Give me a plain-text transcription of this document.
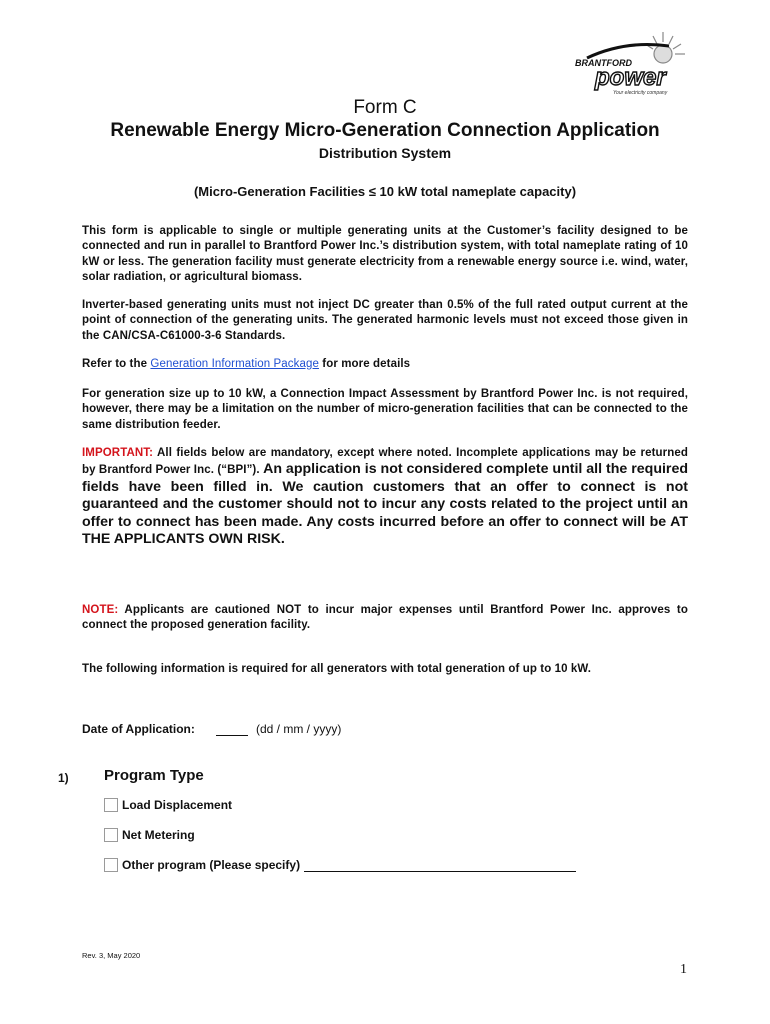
BRANTFORD
power
Your electricity company
Form C
Renewable Energy Micro-Generation Connection Application
Distribution System
(Micro-Generation Facilities ≤ 10 kW total nameplate capacity)
This form is applicable to single or multiple generating units at the Customer’s facility designed to be connected and run in parallel to Brantford Power Inc.’s distribution system, with total nameplate rating of 10 kW or less. The generation facility must generate electricity from a renewable energy source i.e. wind, water, solar radiation, or agricultural biomass.
Inverter-based generating units must not inject DC greater than 0.5% of the full rated output current at the point of connection of the generating units. The generated harmonic levels must not exceed those given in the CAN/CSA-C61000-3-6 Standards.
Refer to the Generation Information Package for more details
For generation size up to 10 kW, a Connection Impact Assessment by Brantford Power Inc. is not required, however, there may be a limitation on the number of micro-generation facilities that can be connected to the same distribution feeder.
IMPORTANT: All fields below are mandatory, except where noted. Incomplete applications may be returned by Brantford Power Inc. (“BPI”). An application is not considered complete until all the required fields have been filled in. We caution customers that an offer to connect is not guaranteed and the customer should not to incur any costs related to the project until an offer to connect has been made. Any costs incurred before an offer to connect will be AT THE APPLICANTS OWN RISK.
NOTE: Applicants are cautioned NOT to incur major expenses until Brantford Power Inc. approves to connect the proposed generation facility.
The following information is required for all generators with total generation of up to 10 kW.
Date of Application:	(dd / mm / yyyy)
1) Program Type
Load Displacement
Net Metering
Other program (Please specify)
Rev. 3, May 2020
1
